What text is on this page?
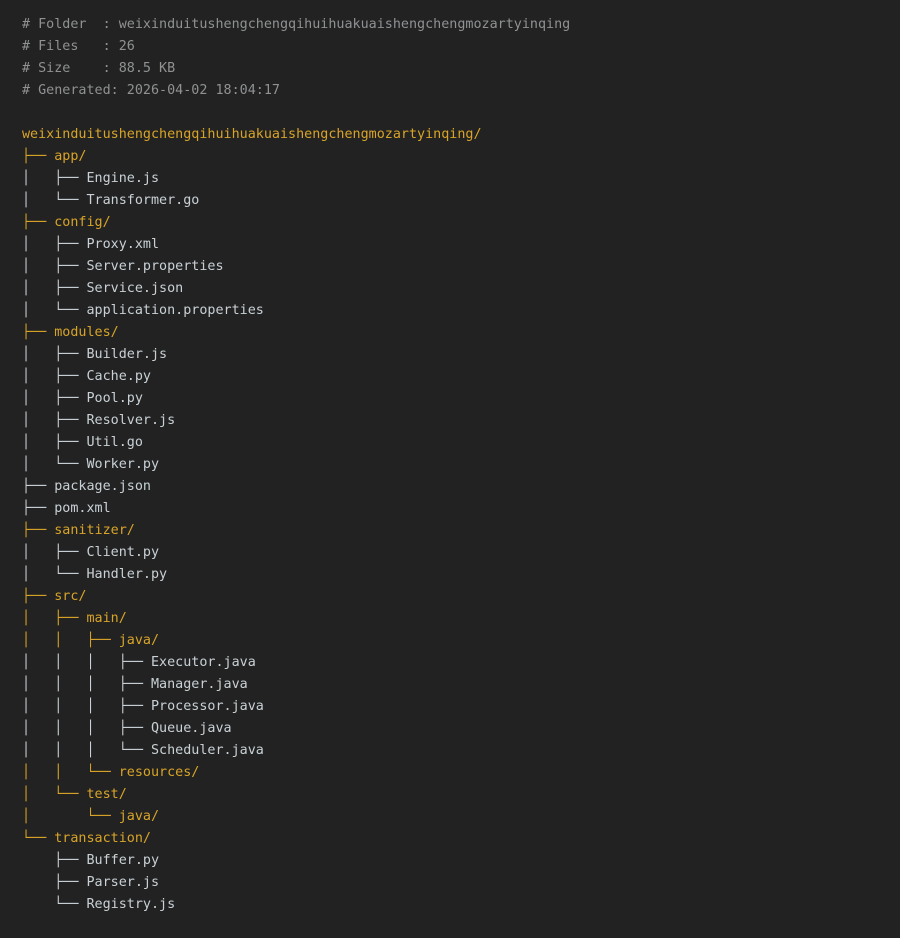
# Folder  : weixinduitushengchengqihuihuakuaishengchengmozartyinqing
# Files   : 26
# Size    : 88.5 KB
# Generated: 2026-04-02 18:04:17
weixinduitushengchengqihuihuakuaishengchengmozartyinqing/
├── app/
│   ├── Engine.js
│   └── Transformer.go
├── config/
│   ├── Proxy.xml
│   ├── Server.properties
│   ├── Service.json
│   └── application.properties
├── modules/
│   ├── Builder.js
│   ├── Cache.py
│   ├── Pool.py
│   ├── Resolver.js
│   ├── Util.go
│   └── Worker.py
├── package.json
├── pom.xml
├── sanitizer/
│   ├── Client.py
│   └── Handler.py
├── src/
│   ├── main/
│   │   ├── java/
│   │   │   ├── Executor.java
│   │   │   ├── Manager.java
│   │   │   ├── Processor.java
│   │   │   ├── Queue.java
│   │   │   └── Scheduler.java
│   │   └── resources/
│   └── test/
│       └── java/
└── transaction/
├── Buffer.py
├── Parser.js
└── Registry.js
